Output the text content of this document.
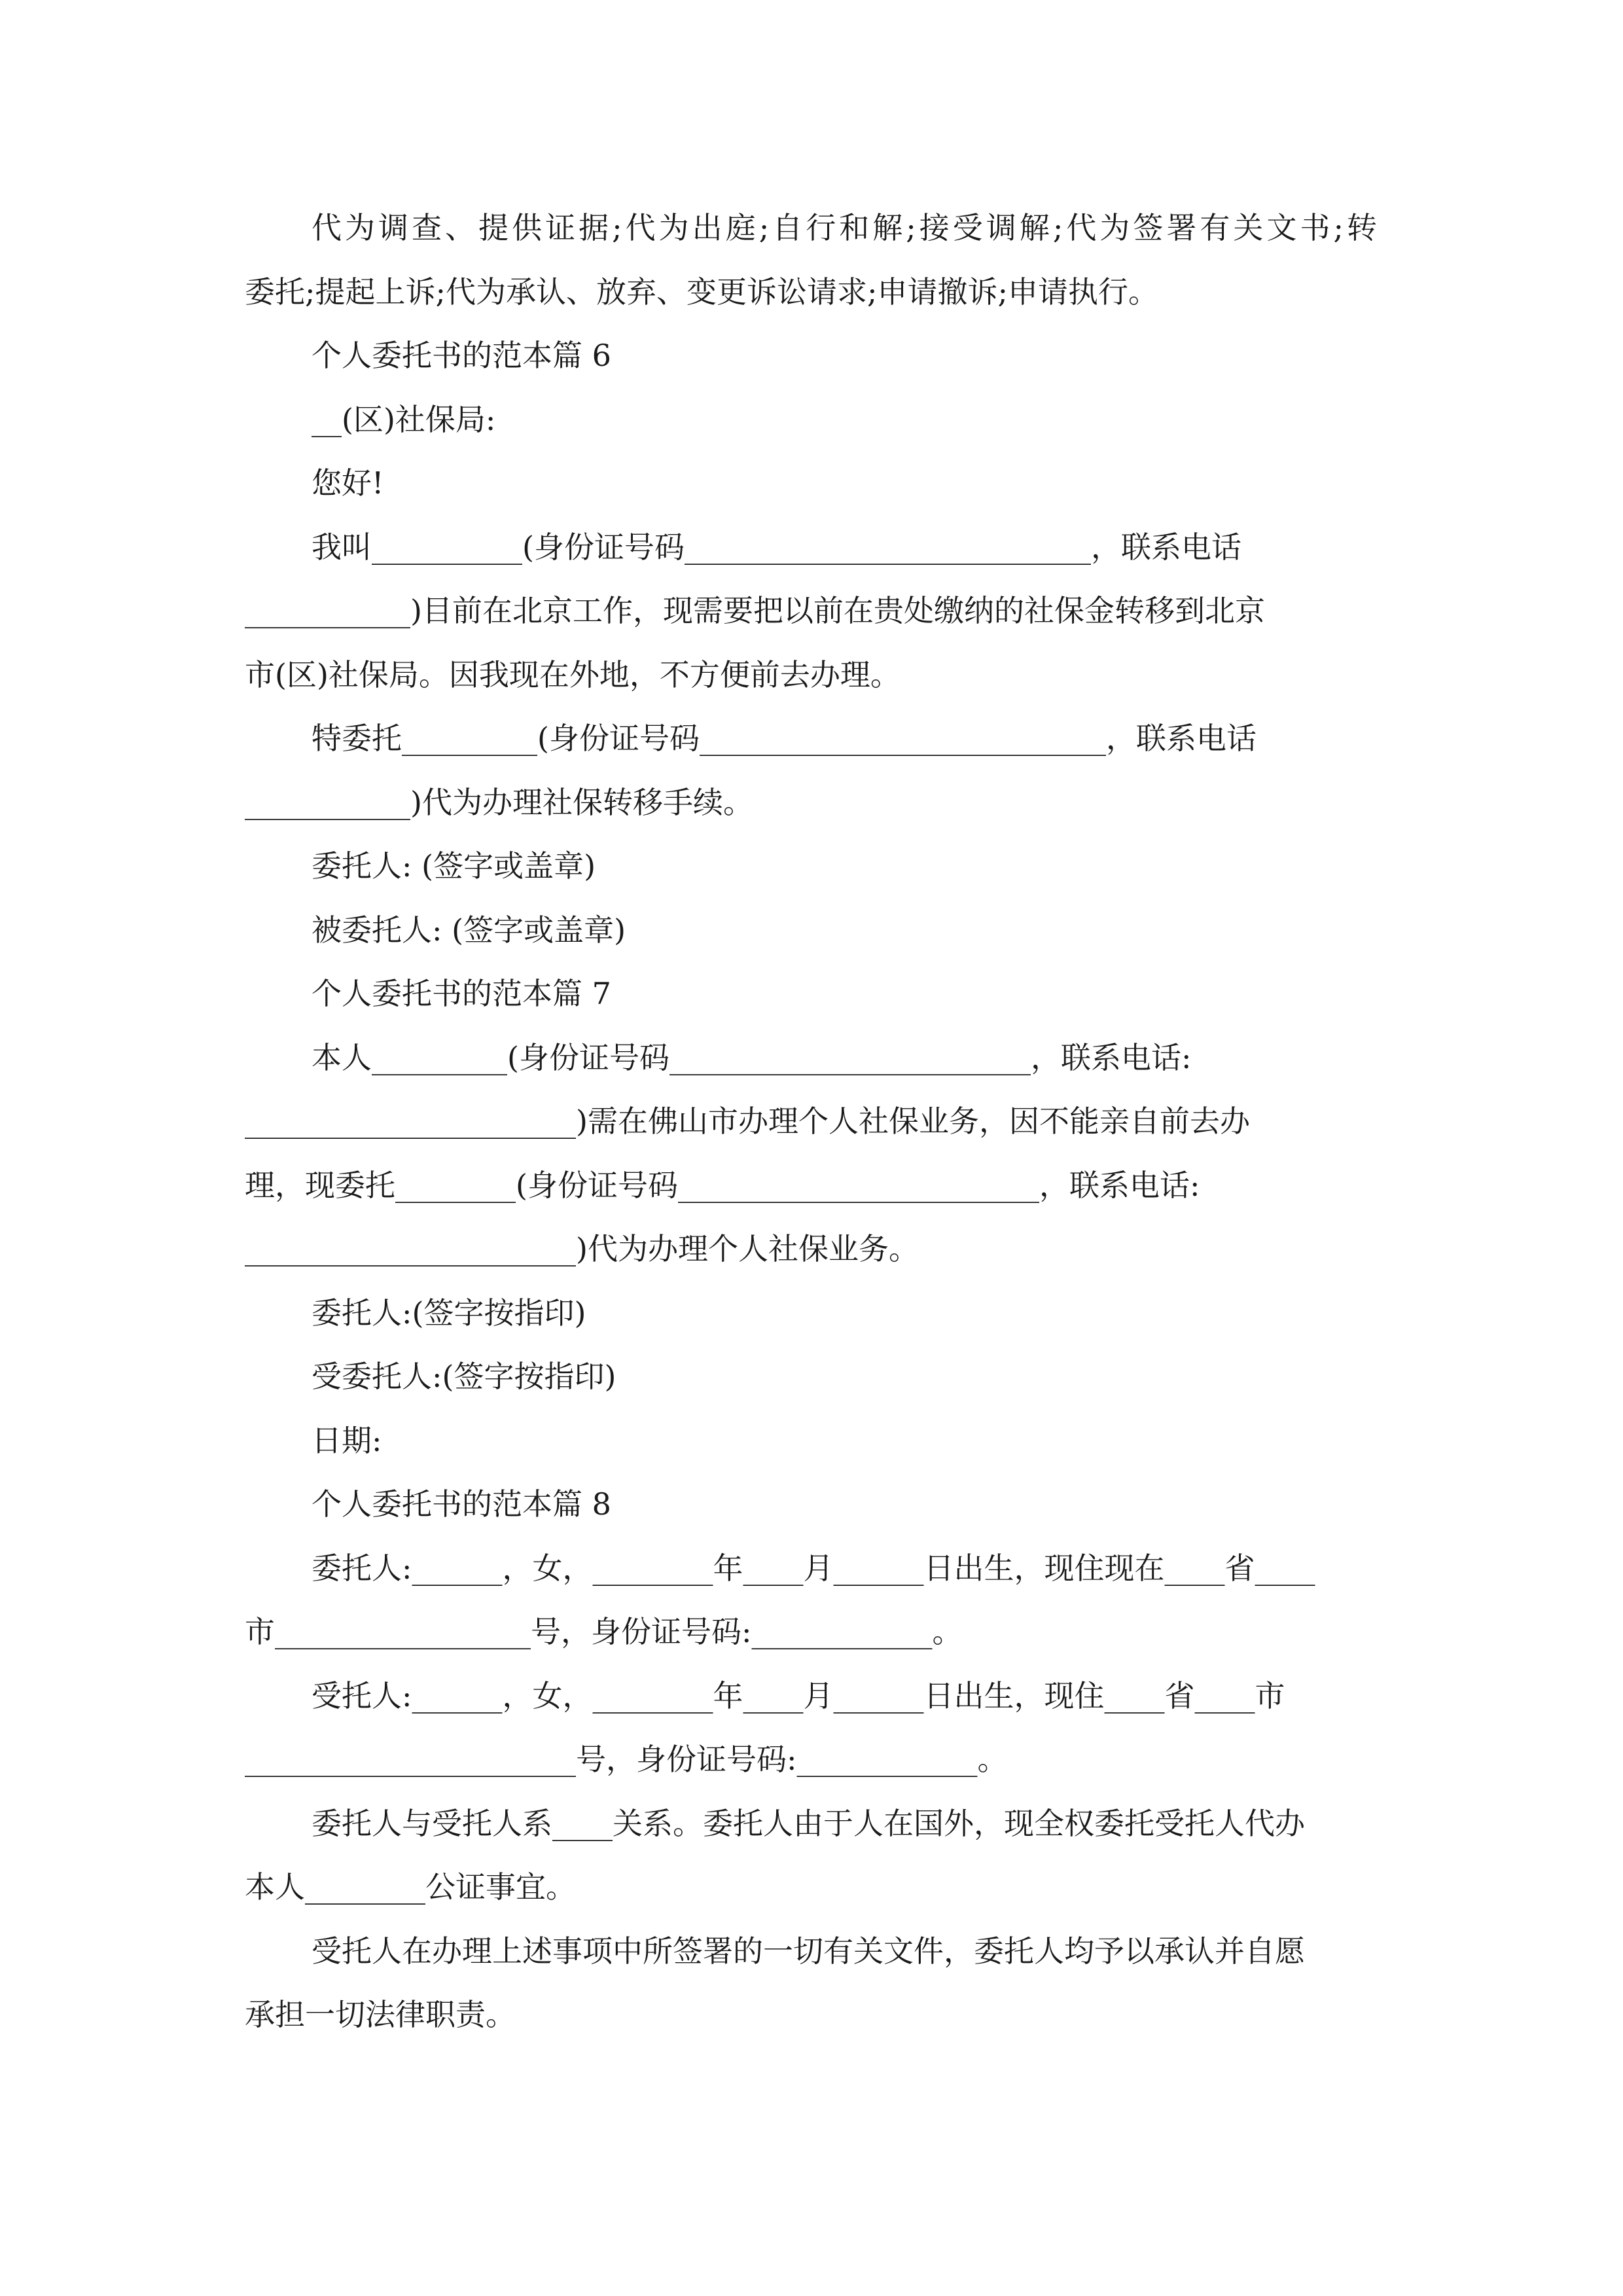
代为调查、提供证据;代为出庭;自行和解;接受调解;代为签署有关文书;转
委托;提起上诉;代为承认、放弃、变更诉讼请求;申请撤诉;申请执行。
个人委托书的范本篇 6
__(区)社保局:
您好!
我叫__________(身份证号码___________________________，联系电话
___________)目前在北京工作，现需要把以前在贵处缴纳的社保金转移到北京
市(区)社保局。因我现在外地，不方便前去办理。
特委托_________(身份证号码___________________________，联系电话
___________)代为办理社保转移手续。
委托人: (签字或盖章)
被委托人: (签字或盖章)
个人委托书的范本篇 7
本人_________(身份证号码________________________，联系电话:
______________________)需在佛山市办理个人社保业务，因不能亲自前去办
理，现委托________(身份证号码________________________，联系电话:
______________________)代为办理个人社保业务。
委托人:(签字按指印)
受委托人:(签字按指印)
日期:
个人委托书的范本篇 8
委托人:______，女，________年____月______日出生，现住现在____省____
市_________________号，身份证号码:____________。
受托人:______，女，________年____月______日出生，现住____省____市
______________________号，身份证号码:____________。
委托人与受托人系____关系。委托人由于人在国外，现全权委托受托人代办
本人________公证事宜。
受托人在办理上述事项中所签署的一切有关文件，委托人均予以承认并自愿
承担一切法律职责。
